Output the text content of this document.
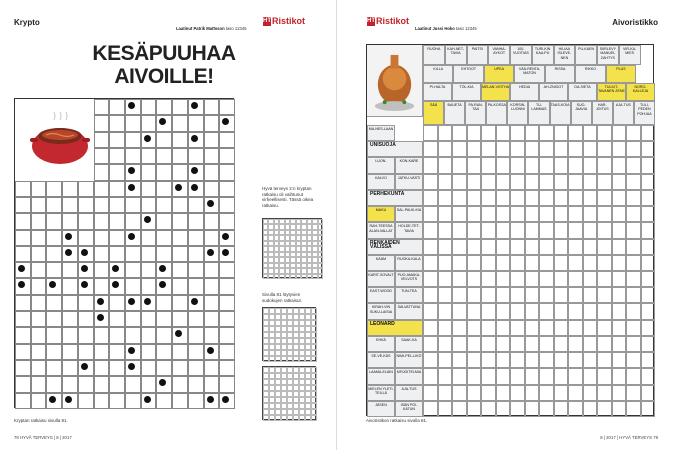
Krypto
Laatinut Patrik Mattsson taso 12345
HTRistikot
KESÄPUUHAA
AIVOILLE!
Hyvä terveys 2:n kryptan ratkaisu oli vaihtunut virheellisesti. Tässä oikea ratkaisu.
Sivulla 81 löytyvien sudokujen ratkaisut.
Kryptan ratkaisu sivulla 81.
78 HYVÄ TERVEYS | 8 | 2017
Aivoristikko
HTRistikot
Laatinut Jussi Hoko taso 12345
Aivoristikon ratkaisu sivulla 81.
8 | 2017 | HYVÄ TERVEYS 79
RUOHA	KAH-NET-TAVIA
PAITSI	VANHA-AYKOT
100-VUOTIAS
TURI-KIN KAA-PU
HILIAA ISLEVE-NEN
PU-KAEN	SIIRLEVY MANUEL ZAHTYS
VIR-KA-MIES
KILLA	EHTOOT	UPEA	VÄÄ-RENTA-MATON
RISSA	RIKKO	PLUS
PI-HALTA	TÖL-KIA	MELAN-VIOTHA	HEDIA	AH-ZNIGOT	DA-SIETA	TULIUT-TAVANEN ZENE
NORO-KALLEJA
SÄÄ	BAUETA	PA-RAN-TAA
PA-KOSSA	KORSIN-LUONNI
TU-LAMMAS
TAAS-KOIA	SUO-JAAVIA
HAR-JOITUS
AJA-TUS	TULI-PEDEN POHJAA
MA-NES-LAAN
UNISUOJA
LUON-	KON-KARE
KALVO	JATKU-VASTI
PERHEKUNTA
MAKU	SAL-PAUK-KIA
RAH-TEESSA ALAN-VALLAT
HOLDE-TET-TAVIA
RENKAIDEN VÄLISSÄ
KÄÄM	RUOKA-KALA
KARIT-SOVALT	PUO-AMAKA-VELVOTS
EAST-WOOD	TUN-TEA
KIRAH-VIN SUKU-LAISIA
SALVATTUNA
LEONARD
EHKÄ	SAAK-KA
SE-VE-KÄS	NIMI-PEL-LIKÖ
LAAMA-ELÄIN	KIRJOITELMIA
MIELEN YLETI-TEILLÄ
AJA-TUS
JÄSEN	ISÄN POI-KATUN
